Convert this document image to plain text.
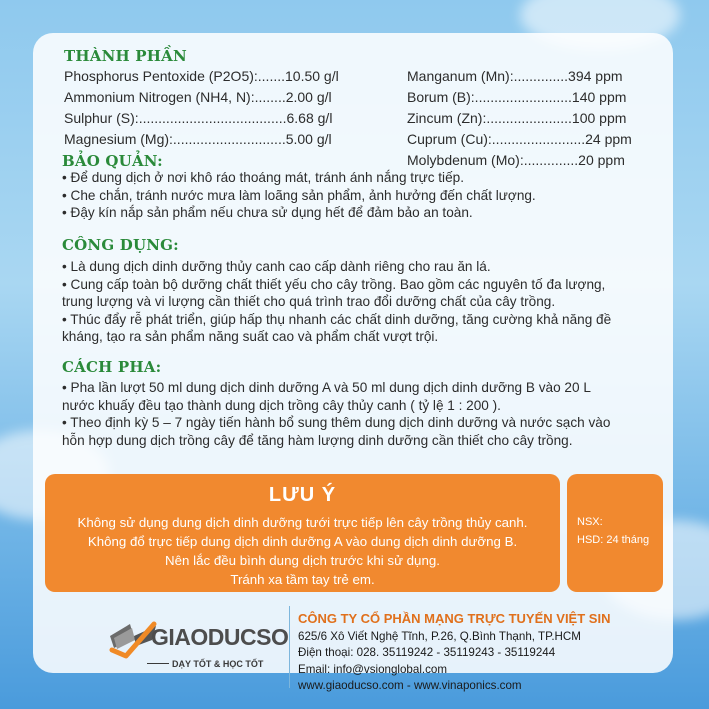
THÀNH PHẦN
Phosphorus Pentoxide (P2O5):.......10.50 g/l
Ammonium Nitrogen (NH4, N):........2.00 g/l
Sulphur (S):......................................6.68 g/l
Magnesium (Mg):.............................5.00 g/l
Manganum (Mn):..............394 ppm
Borum (B):.........................140 ppm
Zincum (Zn):......................100 ppm
Cuprum (Cu):........................24 ppm
Molybdenum (Mo):..............20 ppm
BẢO QUẢN:
• Để dung dịch ở nơi khô ráo thoáng mát, tránh ánh nắng trực tiếp.
• Che chắn, tránh nước mưa làm loãng sản phẩm, ảnh hưởng đến chất lượng.
• Đậy kín nắp sản phẩm nếu chưa sử dụng hết để đảm bảo an toàn.
CÔNG DỤNG:
• Là dung dịch dinh dưỡng thủy canh cao cấp dành riêng cho rau ăn lá.
• Cung cấp toàn bộ dưỡng chất thiết yếu cho cây trồng. Bao gồm các nguyên tố đa lượng,
trung lượng và vi lượng cần thiết cho quá trình trao đổi dưỡng chất của cây trồng.
• Thúc đẩy rễ phát triển, giúp hấp thụ nhanh các chất dinh dưỡng, tăng cường khả năng đề
kháng, tạo ra sản phẩm năng suất cao và phẩm chất vượt trội.
CÁCH PHA:
• Pha lần lượt 50 ml dung dịch dinh dưỡng A và 50 ml dung dịch dinh dưỡng B vào 20 L
nước khuấy đều tạo thành dung dịch trồng cây thủy canh ( tỷ lệ 1 : 200 ).
• Theo định kỳ 5 – 7 ngày tiến hành bổ sung thêm dung dịch dinh dưỡng và nước sạch vào
hỗn hợp dung dịch trồng cây để tăng hàm lượng dinh dưỡng cần thiết cho cây trồng.
LƯU Ý
Không sử dụng dung dịch dinh dưỡng tưới trực tiếp lên cây trồng thủy canh.
Không đổ trực tiếp dung dịch dinh dưỡng A vào dung dịch dinh dưỡng B.
Nên lắc đều bình dung dịch trước khi sử dụng.
Tránh xa tầm tay trẻ em.
NSX:
HSD: 24 tháng
GIAODUCSO
DẠY TỐT & HỌC TỐT
CÔNG TY CỔ PHẦN MẠNG TRỰC TUYẾN VIỆT SIN
625/6 Xô Viết Nghệ Tĩnh, P.26, Q.Bình Thạnh, TP.HCM
Điện thoại: 028. 35119242 - 35119243 - 35119244
Email: info@vsionglobal.com
www.giaoducso.com - www.vinaponics.com
